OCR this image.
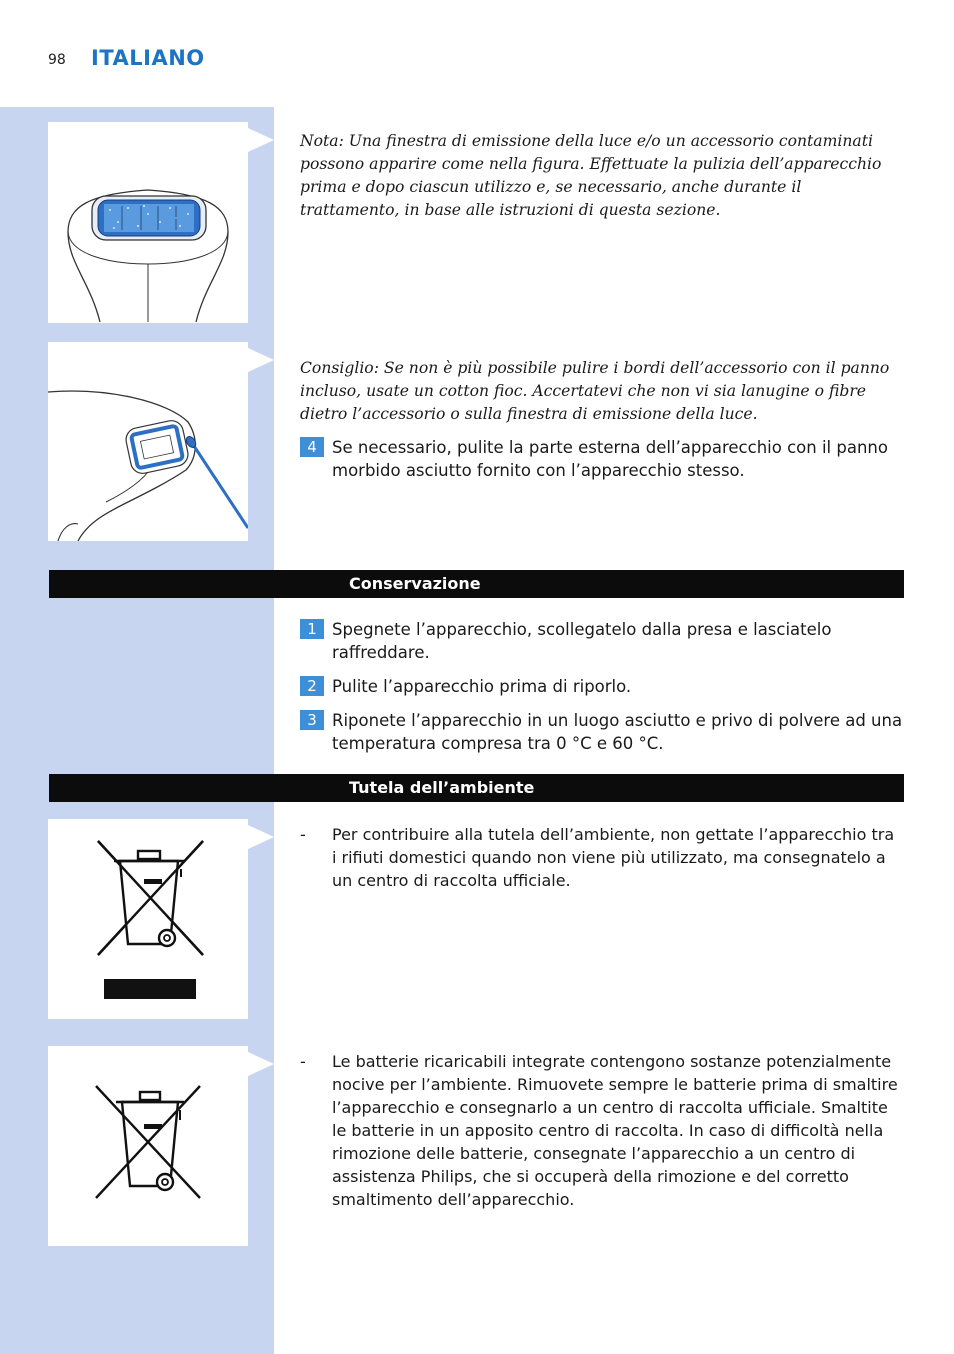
98 ITALIANO
Nota: Una finestra di emissione della luce e/o un accessorio contaminati possono apparire come nella figura. Effettuate la pulizia dell’apparecchio prima e dopo ciascun utilizzo e, se necessario, anche durante il trattamento, in base alle istruzioni di questa sezione.
Consiglio: Se non è più possibile pulire i bordi dell’accessorio con il panno incluso, usate un cotton fioc. Accertatevi che non vi sia lanugine o fibre dietro l’accessorio o sulla finestra di emissione della luce.
4 Se necessario, pulite la parte esterna dell’apparecchio con il panno morbido asciutto fornito con l’apparecchio stesso.
Conservazione
1 Spegnete l’apparecchio, scollegatelo dalla presa e lasciatelo raffreddare.
2 Pulite l’apparecchio prima di riporlo.
3 Riponete l’apparecchio in un luogo asciutto e privo di polvere ad una temperatura compresa tra 0 °C e 60 °C.
Tutela dell’ambiente
-	Per contribuire alla tutela dell’ambiente, non gettate l’apparecchio tra i rifiuti domestici quando non viene più utilizzato, ma consegnatelo a un centro di raccolta ufficiale.
-	Le batterie ricaricabili integrate contengono sostanze potenzialmente nocive per l’ambiente. Rimuovete sempre le batterie prima di smaltire l’apparecchio e consegnarlo a un centro di raccolta ufficiale. Smaltite le batterie in un apposito centro di raccolta. In caso di difficoltà nella rimozione delle batterie, consegnate l’apparecchio a un centro di assistenza Philips, che si occuperà della rimozione e del corretto smaltimento dell’apparecchio.
